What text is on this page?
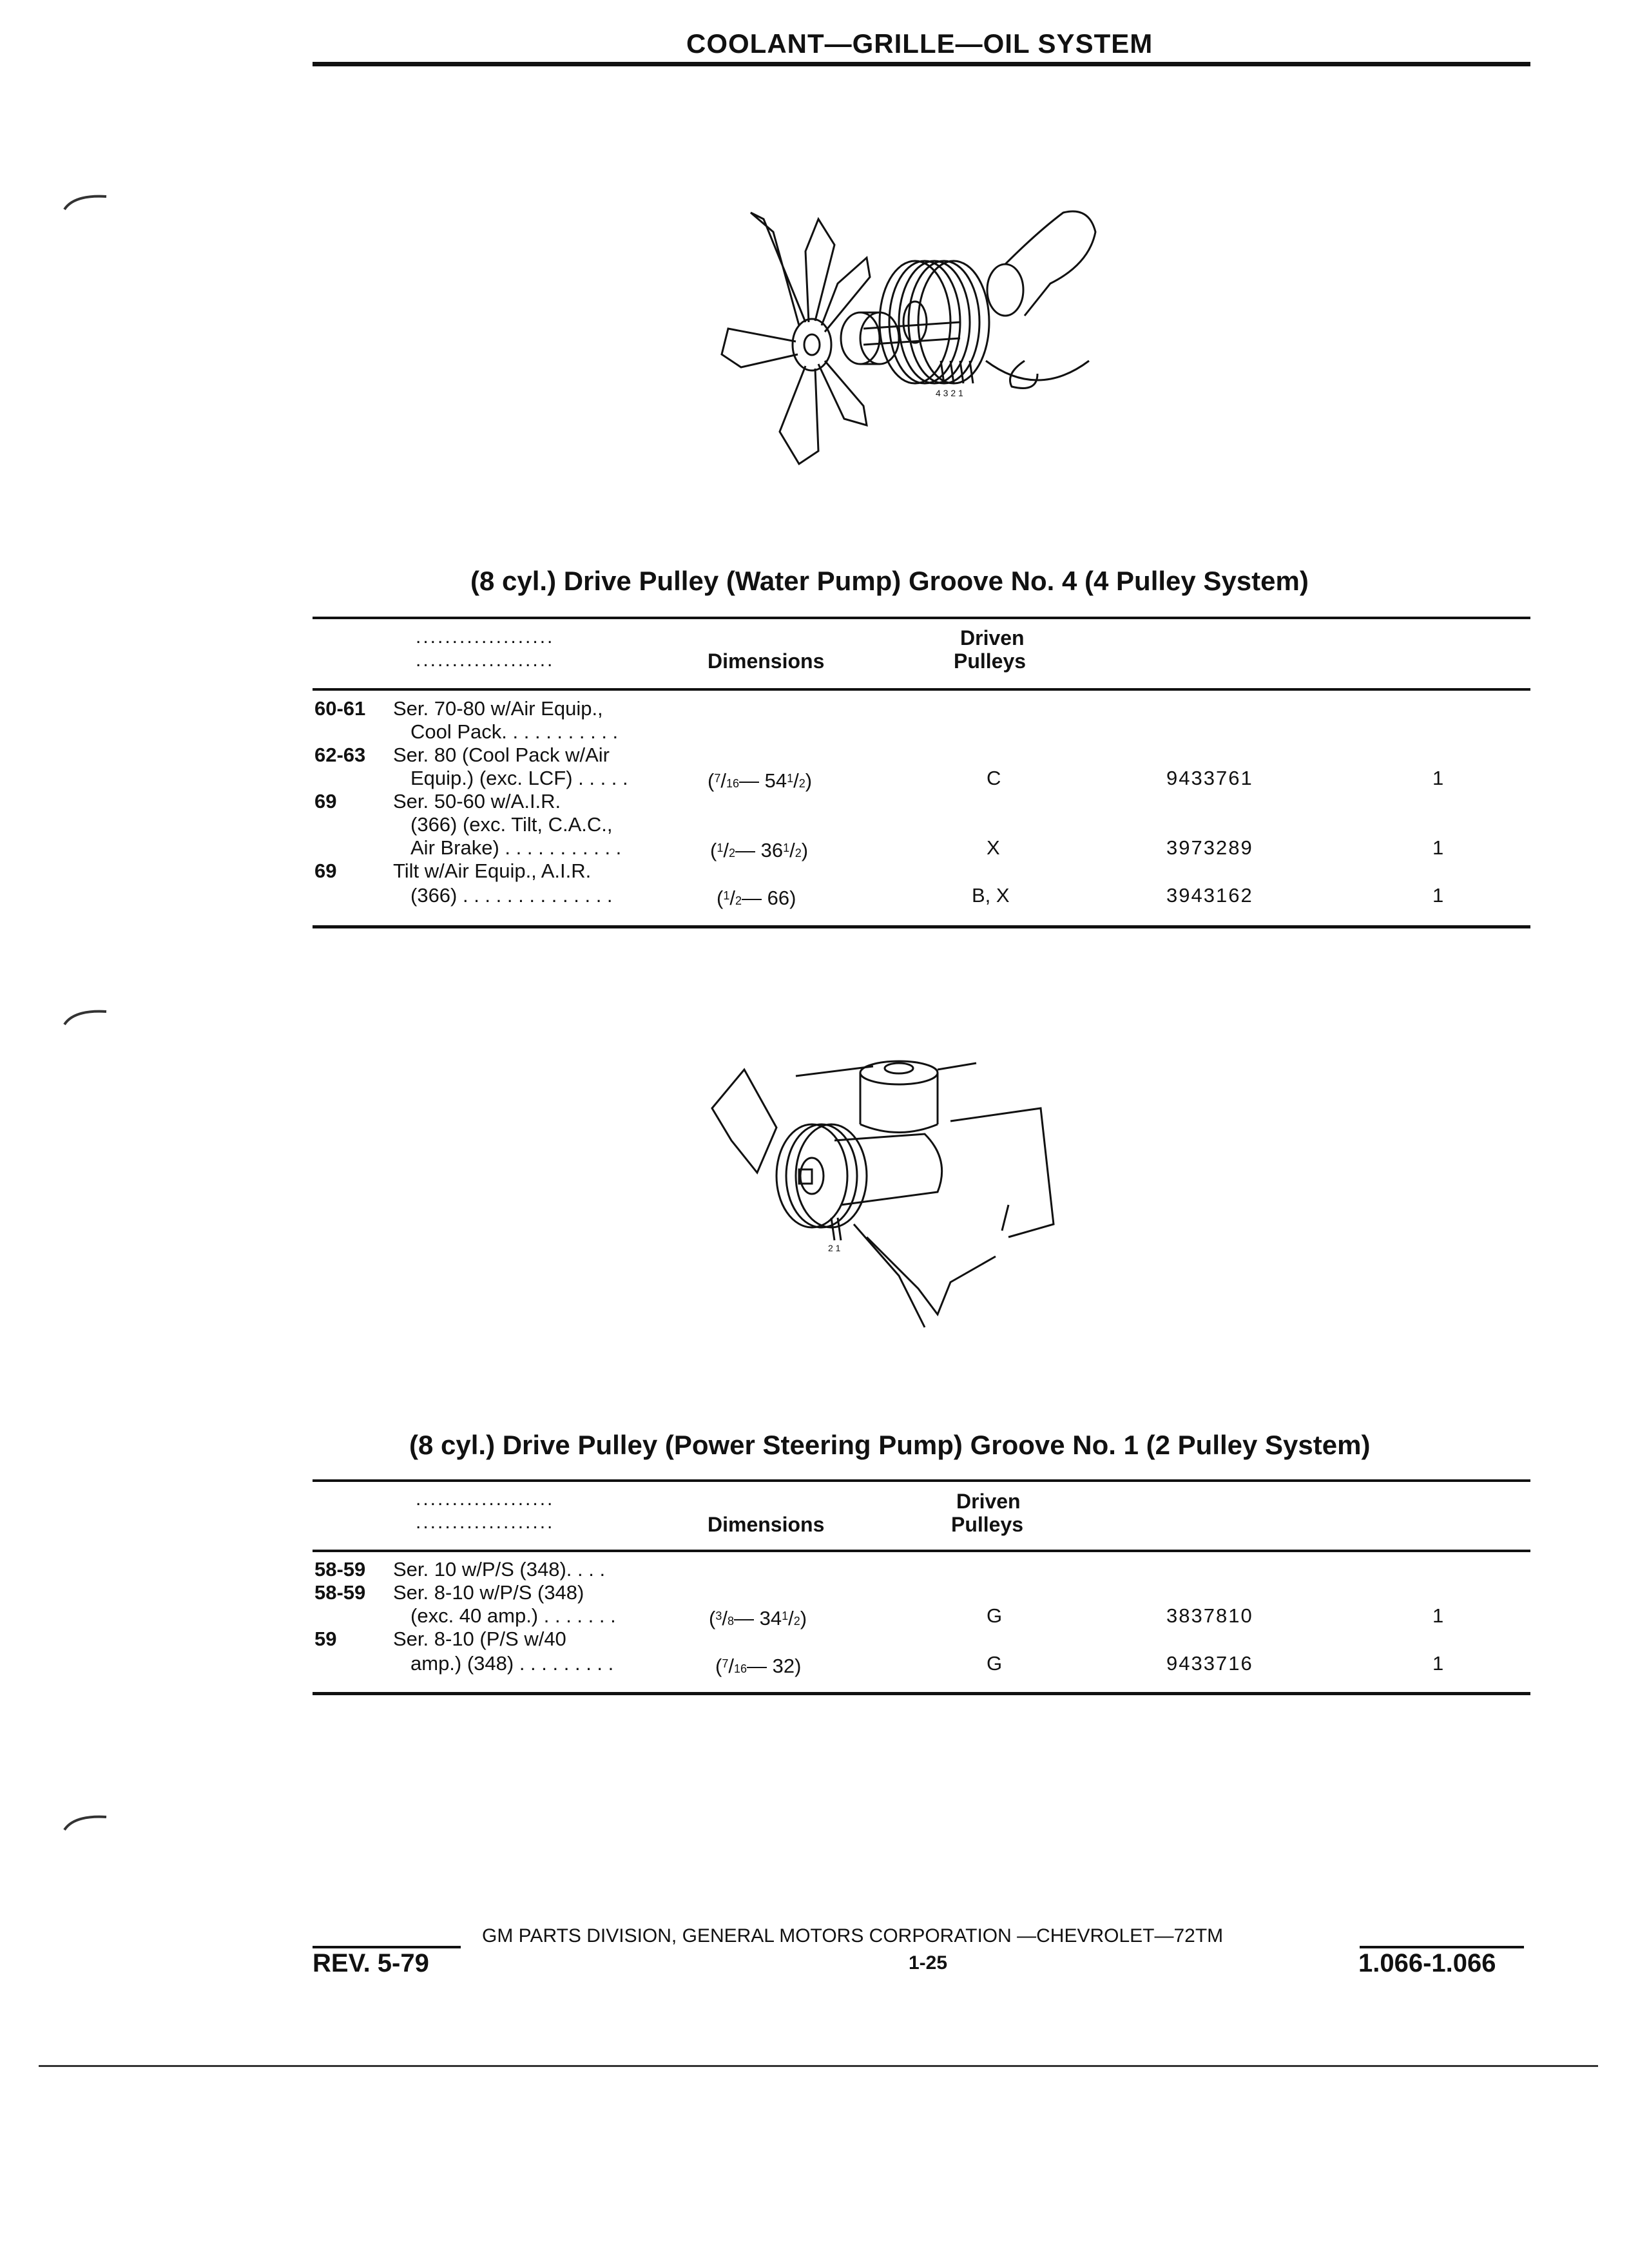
COOLANT—GRILLE—OIL SYSTEM
4 3 2 1
(8 cyl.) Drive Pulley (Water Pump) Groove No. 4 (4 Pulley System)
...................
...................	Dimensions
Driven
Pulleys
60-61 Ser. 70-80 w/Air Equip.,
Cool Pack. . . . . . . . . . .
62-63 Ser. 80 (Cool Pack w/Air
Equip.) (exc. LCF) . . . . .	($^7$/16— $54^1/2$)	C	9433761	1
69	Ser. 50-60 w/A.I.R.
(366) (exc. Tilt, C.A.C.,
Air Brake) . . . . . . . . . . .	($^1$/2— $36^1/2$)	X	3973289	1
69	Tilt w/Air Equip., A.I.R.
(366) . . . . . . . . . . . . . .	($^1$/2— 66)	B, X	3943162	1
2 1
(8 cyl.) Drive Pulley (Power Steering Pump) Groove No. 1 (2 Pulley System)
...................
...................	Dimensions
Driven
Pulleys
58-59 Ser. 10 w/P/S (348). . . .
58-59 Ser. 8-10 w/P/S (348)
(exc. 40 amp.) . . . . . . .	($^3$/8— $34^1/2$)	G	3837810	1
59	Ser. 8-10 (P/S w/40
amp.) (348) . . . . . . . . .	($^7$/16— 32)	G	9433716	1
GM PARTS DIVISION, GENERAL MOTORS CORPORATION —CHEVROLET—72TM
REV. 5-79	1-25	1.066-1.066
